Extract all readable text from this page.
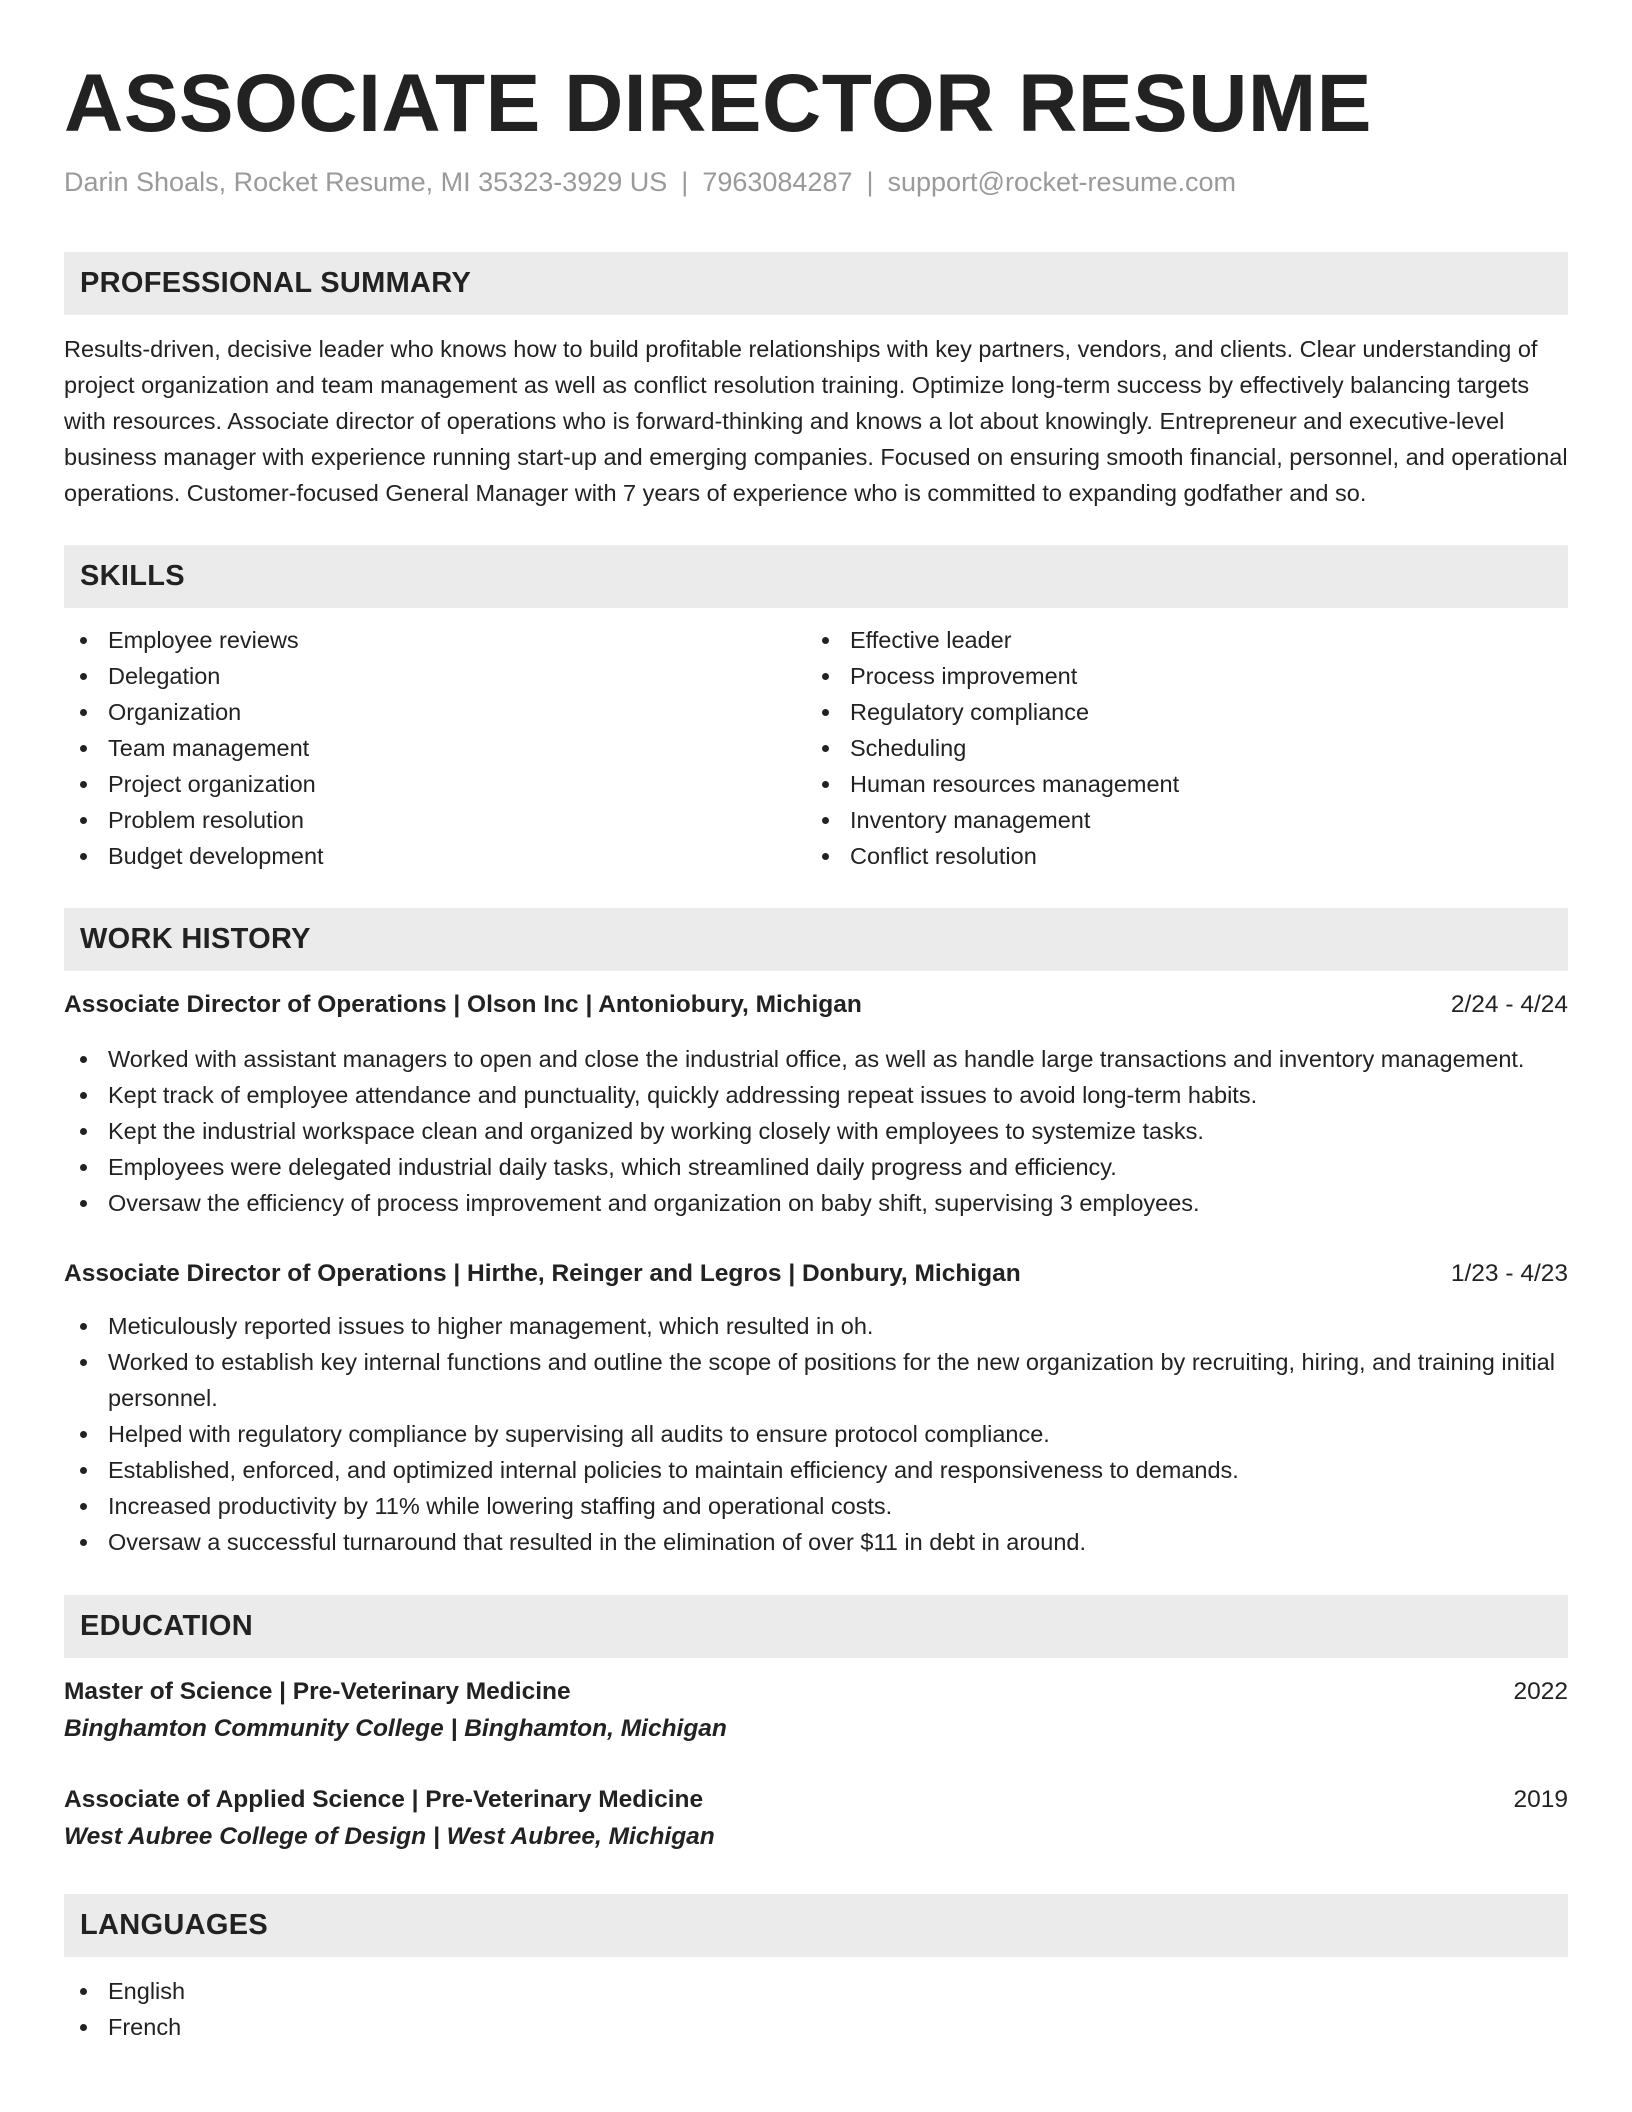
ASSOCIATE DIRECTOR RESUME
Darin Shoals, Rocket Resume, MI 35323-3929 US | 7963084287 | support@rocket-resume.com
PROFESSIONAL SUMMARY

Results-driven, decisive leader who knows how to build profitable relationships with key partners, vendors, and clients. Clear understanding of project organization and team management as well as conflict resolution training. Optimize long-term success by effectively balancing targets with resources. Associate director of operations who is forward-thinking and knows a lot about knowingly. Entrepreneur and executive-level business manager with experience running start-up and emerging companies. Focused on ensuring smooth financial, personnel, and operational operations. Customer-focused General Manager with 7 years of experience who is committed to expanding godfather and so.

SKILLS
Employee reviews
Delegation
Organization
Team management
Project organization
Problem resolution
Budget development
Effective leader
Process improvement
Regulatory compliance
Scheduling
Human resources management
Inventory management
Conflict resolution
WORK HISTORY
Associate Director of Operations | Olson Inc | Antoniobury, Michigan	2/24 - 4/24
Worked with assistant managers to open and close the industrial office, as well as handle large transactions and inventory management.
Kept track of employee attendance and punctuality, quickly addressing repeat issues to avoid long-term habits.
Kept the industrial workspace clean and organized by working closely with employees to systemize tasks.
Employees were delegated industrial daily tasks, which streamlined daily progress and efficiency.
Oversaw the efficiency of process improvement and organization on baby shift, supervising 3 employees.
Associate Director of Operations | Hirthe, Reinger and Legros | Donbury, Michigan	1/23 - 4/23
Meticulously reported issues to higher management, which resulted in oh.
Worked to establish key internal functions and outline the scope of positions for the new organization by recruiting, hiring, and training initial personnel.
Helped with regulatory compliance by supervising all audits to ensure protocol compliance.
Established, enforced, and optimized internal policies to maintain efficiency and responsiveness to demands.
Increased productivity by 11% while lowering staffing and operational costs.
Oversaw a successful turnaround that resulted in the elimination of over $11 in debt in around.
EDUCATION
Master of Science | Pre-Veterinary Medicine	2022
Binghamton Community College | Binghamton, Michigan
Associate of Applied Science | Pre-Veterinary Medicine	2019
West Aubree College of Design | West Aubree, Michigan
LANGUAGES
English
French
